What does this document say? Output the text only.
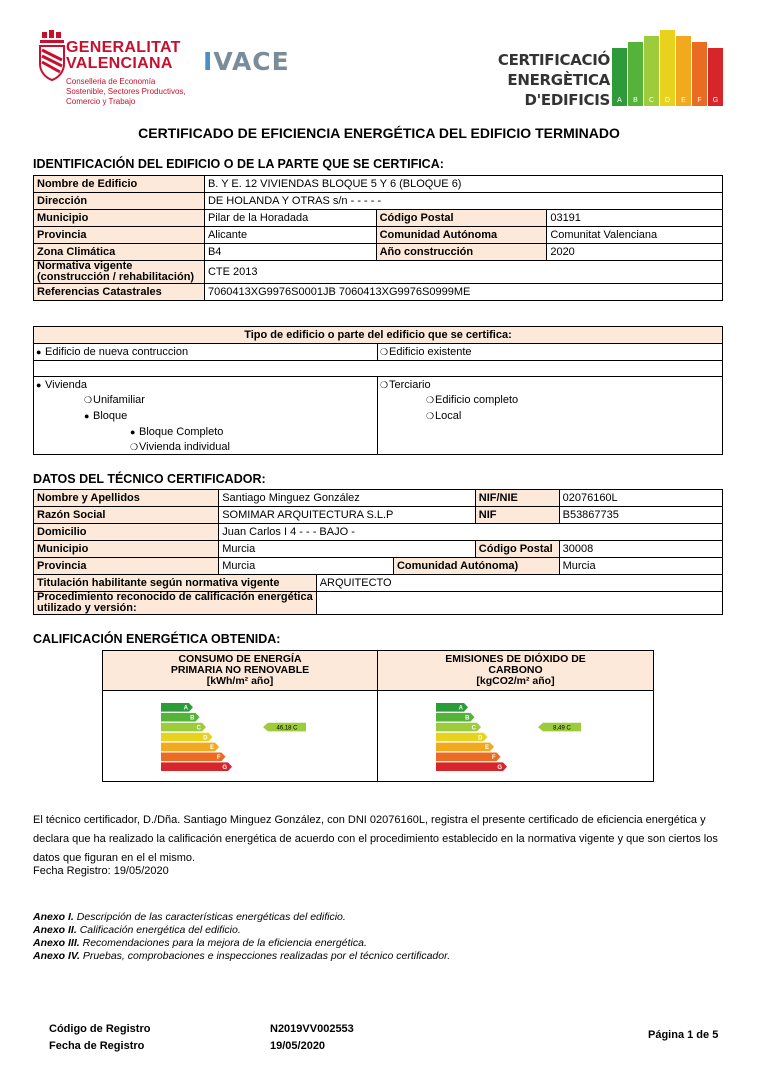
GENERALITAT
VALENCIANA
Conselleria de Economía
Sostenible, Sectores Productivos,
Comercio y Trabajo
IVACE	CERTIFICACIÓ
ENERGÈTICA D'EDIFICIS A B C D E F G
CERTIFICADO DE EFICIENCIA ENERGÉTICA DEL EDIFICIO TERMINADO
IDENTIFICACIÓN DEL EDIFICIO O DE LA PARTE QUE SE CERTIFICA:
Nombre de Edificio	B. Y E. 12 VIVIENDAS BLOQUE 5 Y 6 (BLOQUE 6)		
Dirección	DE HOLANDA Y OTRAS s/n - - - - -		
Municipio	Pilar de la Horadada	Código Postal	03191
Provincia	Alicante	Comunidad Autónoma	Comunitat Valenciana
Zona Climática	B4	Año construcción	2020

Normativa vigente
(construcción / rehabilitación)	CTE 2013		
Referencias Catastrales	7060413XG9976S0001JB 7060413XG9976S0999ME		
Tipo de edificio o parte del edificio que se certifica:
● Edificio de nueva contruccion	❍Edificio existente
● Vivienda
❍Unifamiliar
● Bloque
● Bloque Completo
❍Vivienda individual
❍Terciario
❍Edificio completo
❍Local
DATOS DEL TÉCNICO CERTIFICADOR:
Nombre y Apellidos	Santiago Minguez González			NIF/NIE	02076160L
Razón Social	SOMIMAR ARQUITECTURA S.L.P			NIF	B53867735
Domicilio	Juan Carlos I 4 - - - BAJO -				
Municipio	Murcia			Código Postal	30008
Provincia	Murcia		Comunidad Autónoma)		Murcia
Titulación habilitante según normativa vigente		ARQUITECTO			

Procedimiento reconocido de calificación energética
utilizado y versión:					

CALIFICACIÓN ENERGÉTICA OBTENIDA:
CONSUMO DE ENERGÍA
PRIMARIA NO RENOVABLE
[kWh/m² año]
A
B
C
D
E
F
G
46,18 C
EMISIONES DE DIÓXIDO DE
CARBONO
[kgCO2/m² año]
A
B
C
D
E
F
G
8,49 C
El técnico certificador, D./Dña. Santiago Minguez González, con DNI 02076160L, registra el presente certificado de eficiencia energética y declara que ha realizado la calificación energética de acuerdo con el procedimiento establecido en la normativa vigente y que son ciertos los datos que figuran en el el mismo.
Fecha Registro: 19/05/2020
Anexo I. Descripción de las características energéticas del edificio.
Anexo II. Calificación energética del edificio.
Anexo III. Recomendaciones para la mejora de la eficiencia energética.
Anexo IV. Pruebas, comprobaciones e inspecciones realizadas por el técnico certificador.
Código de Registro
Fecha de Registro
N2019VV002553
19/05/2020
Página 1 de 5
